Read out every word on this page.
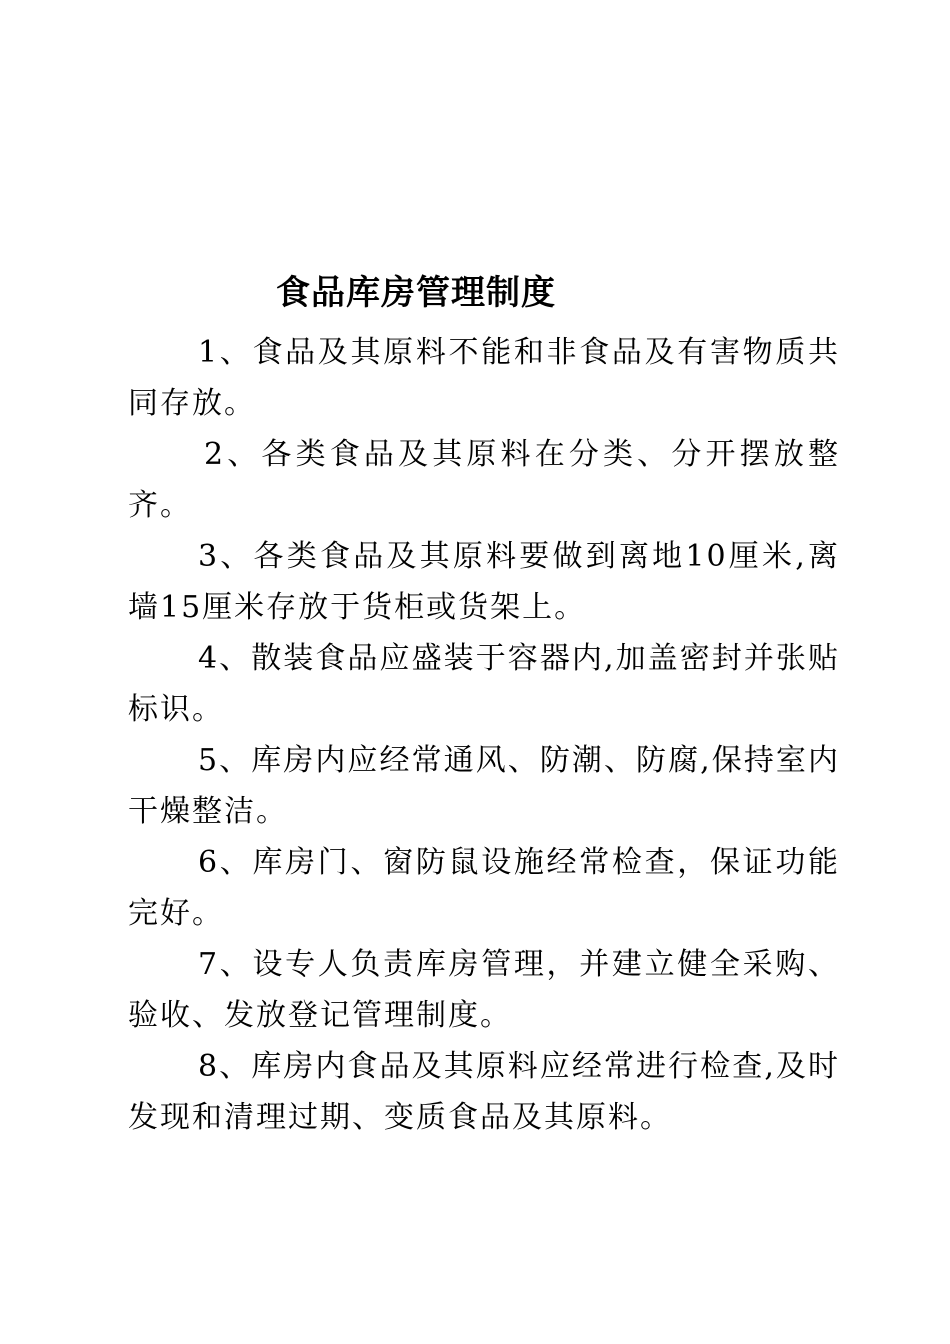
食品库房管理制度

1、食品及其原料不能和非食品及有害物质共同存放。

2、各类食品及其原料在分类、分开摆放整齐。

3、各类食品及其原料要做到离地10厘米,离墙15厘米存放于货柜或货架上。

4、散装食品应盛装于容器内,加盖密封并张贴标识。

5、库房内应经常通风、防潮、防腐,保持室内干燥整洁。

6、库房门、窗防鼠设施经常检查，保证功能完好。

7、设专人负责库房管理，并建立健全采购、验收、发放登记管理制度。

8、库房内食品及其原料应经常进行检查,及时发现和清理过期、变质食品及其原料。
